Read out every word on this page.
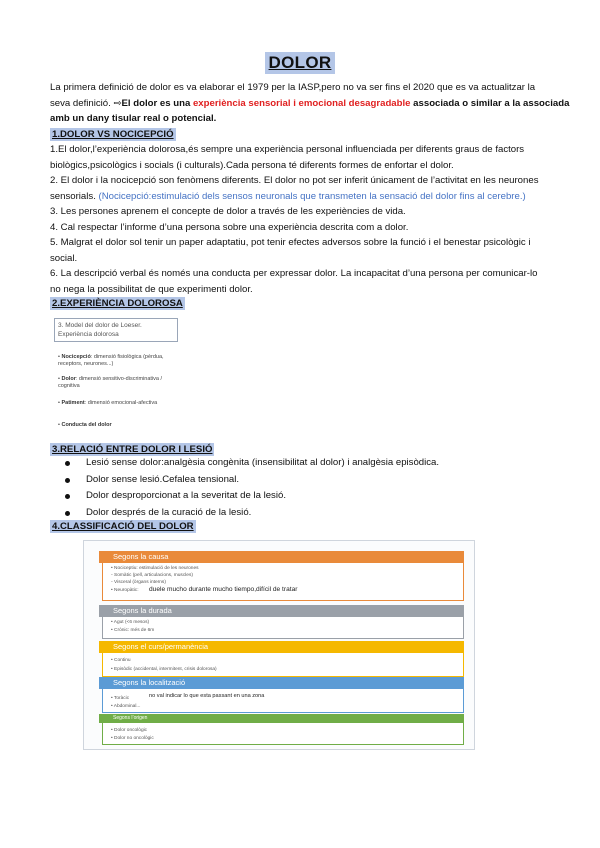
DOLOR
La primera definició de dolor es va elaborar el 1979 per la IASP,pero no va ser fins el 2020 que es va actualitzar la
seva definició. ⇨El dolor es una experiència sensorial i emocional desagradable associada o similar a la associada
amb un dany tisular real o potencial.
1.DOLOR VS NOCICEPCIÓ
1.El dolor,l’experiència dolorosa,és sempre una experiència personal influenciada per diferents graus de factors
biològics,psicològics i socials (i culturals).Cada persona té diferents formes de enfortar el dolor.
2. El dolor i la nocicepció son fenòmens diferents. El dolor no pot ser inferit únicament de l’activitat en les neurones
sensorials. (Nocicepció:estimulació dels sensos neuronals que transmeten la sensació del dolor fins al cerebre.)
3. Les persones aprenem el concepte de dolor a través de les experiències de vida.
4. Cal respectar l’informe d’una persona sobre una experiència descrita com a dolor.
5. Malgrat el dolor sol tenir un paper adaptatiu, pot tenir efectes adversos sobre la funció i el benestar psicològic i
social.
6. La descripció verbal és només una conducta per expressar dolor. La incapacitat d’una persona per comunicar-lo
no nega la possibilitat de que experimenti dolor.
2.EXPERIÈNCIA DOLOROSA
3. Model del dolor de Loeser.
Experiència dolorosa
• Nocicepció: dimensió fisiològica (pèrdua, receptors, neurones...)
• Dolor: dimensió sensitivo-discriminativa / cognitiva
• Patiment: dimensió emocional-afectiva
• Conducta del dolor
3.RELACIÓ ENTRE DOLOR I LESIÓ
Lesió sense dolor:analgèsia congènita (insensibilitat al dolor) i analgèsia episòdica.
Dolor sense lesió.Cefalea tensional.
Dolor desproporcionat a la severitat de la lesió.
Dolor després de la curació de la lesió.
4.CLASSIFICACIÓ DEL DOLOR
• Nociceptiu: estimulació de les neurones
◦ Somàtic (pell, articulacions, muscles)
◦ Visceral (òrgans interns)
• Neuropàtic: duele mucho durante mucho tiempo,difícil de tratar
Segons la causa
• Agut (<6 mesos)
• Crònic: més de 6m
Segons la durada
• Continu
• Episòdic (accidental, intermitent, crisis dolorosa)
Segons el curs/permanència
• Toràcic
• Abdominal...
no val indicar lo que esta passant en una zona
Segons la localització
• Dolor oncològic
• Dolor no oncològic
Segons l’origen
